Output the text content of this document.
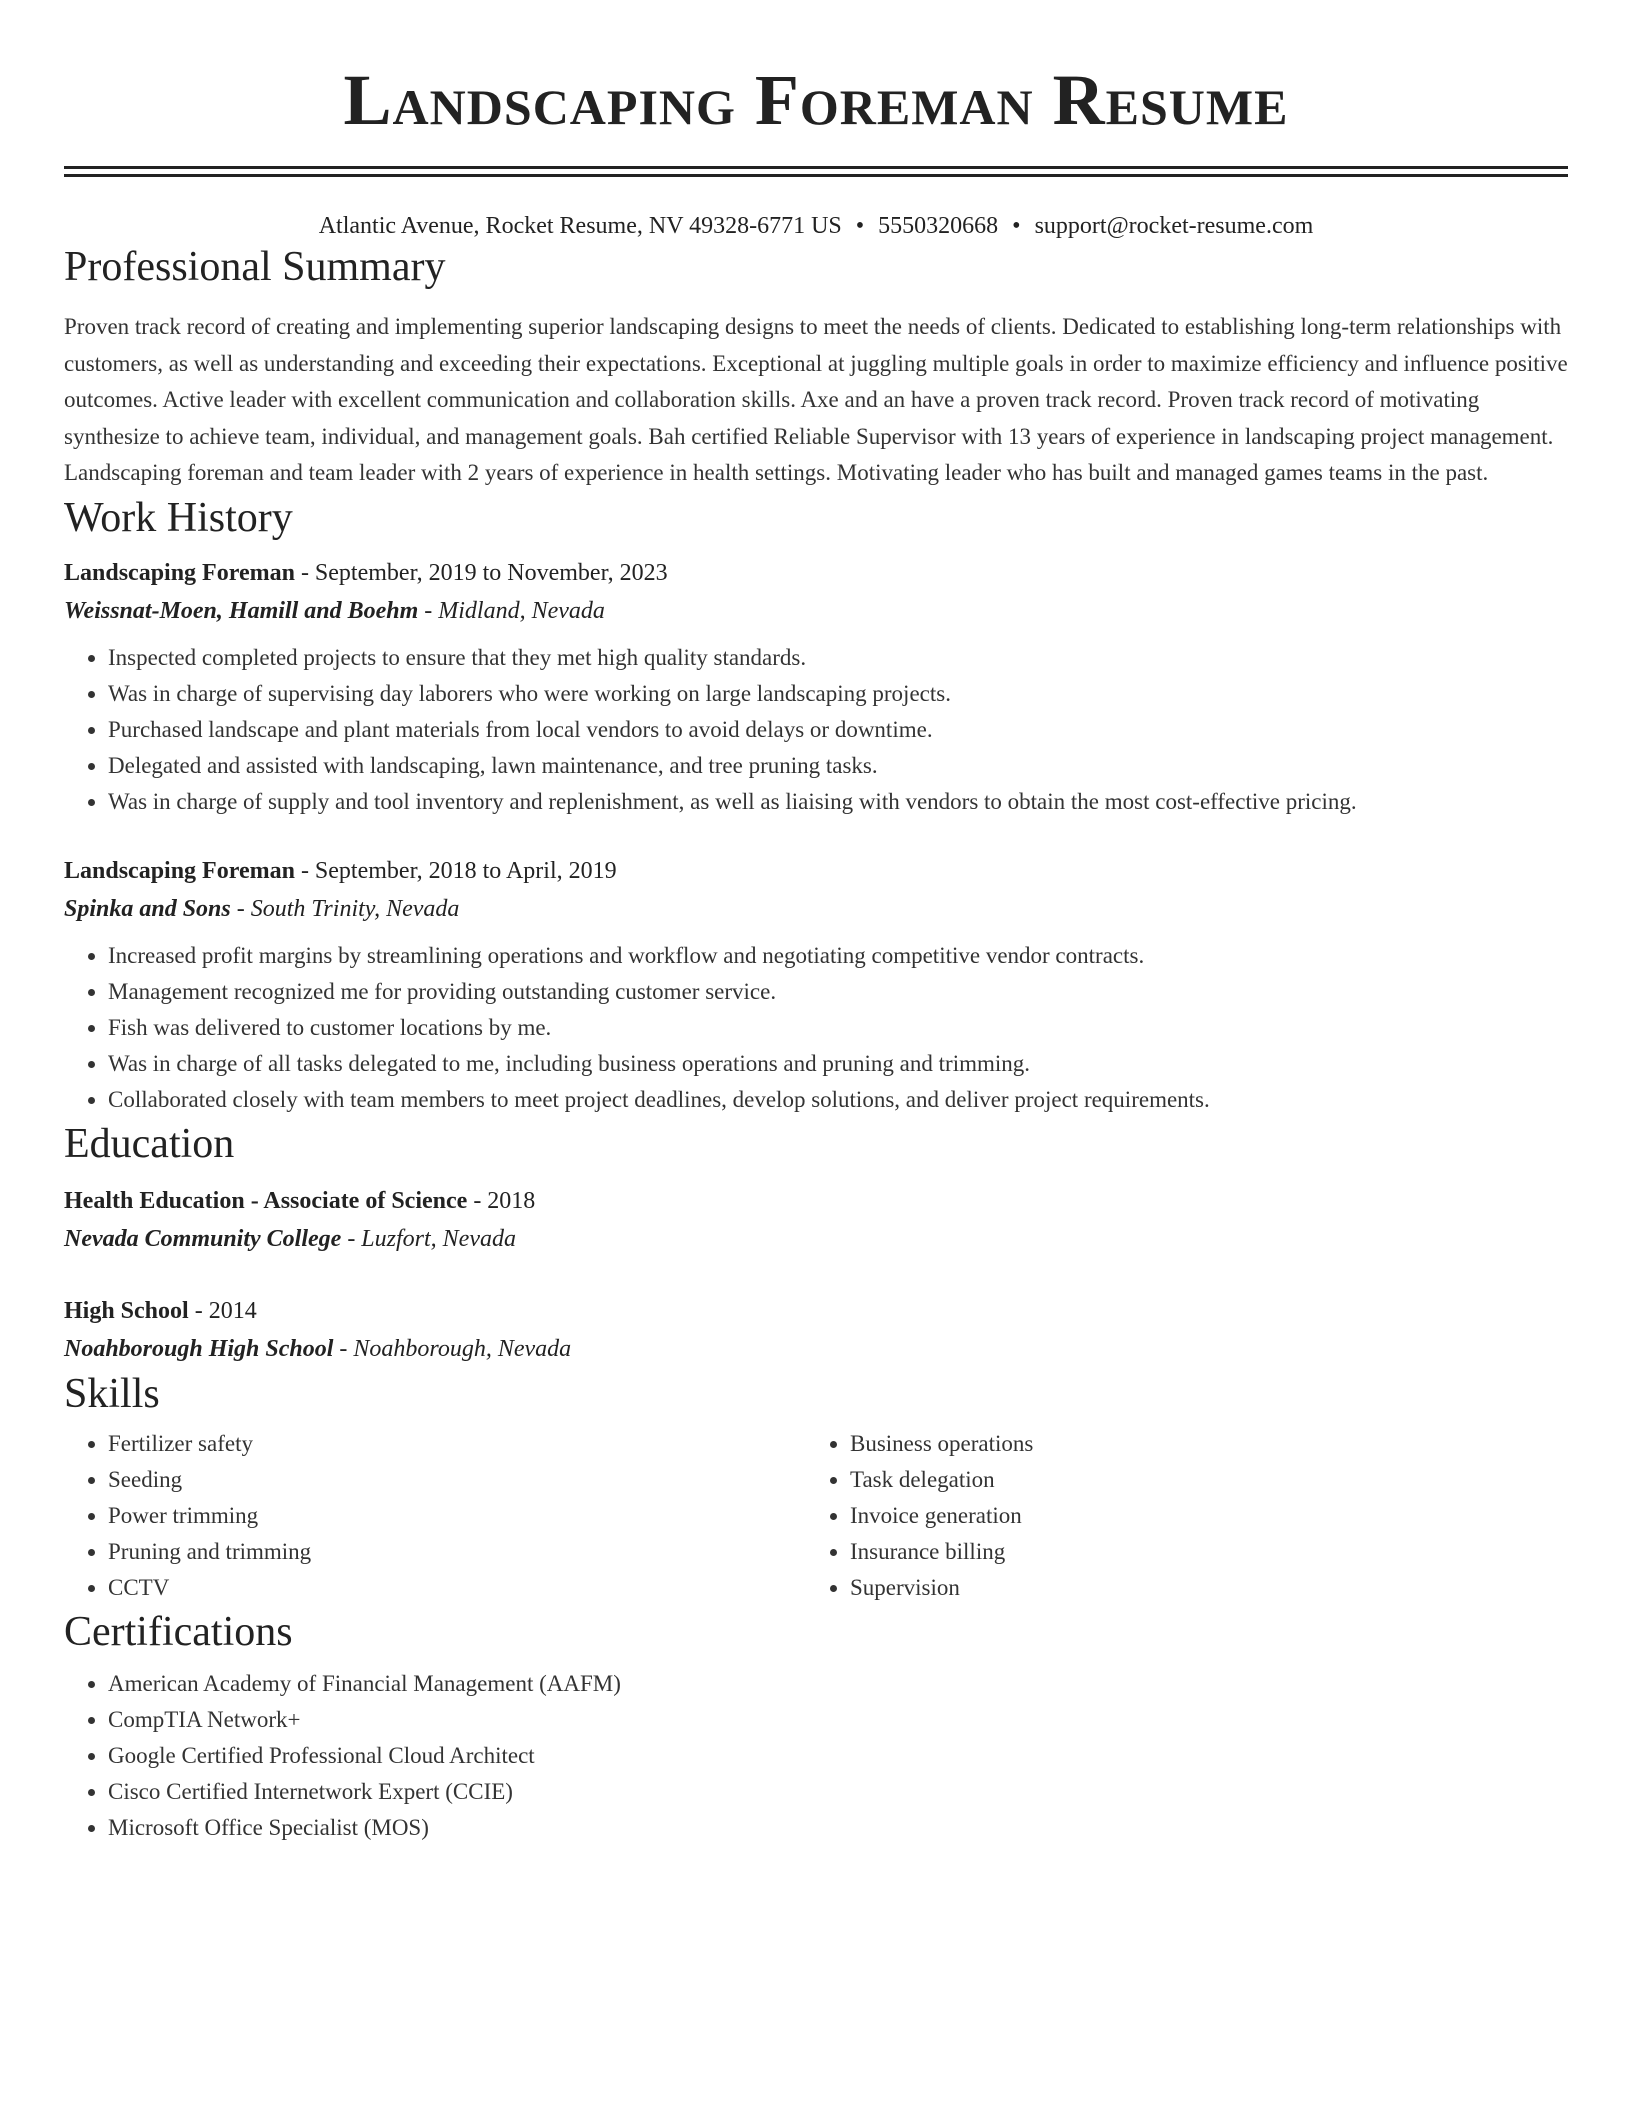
Landscaping Foreman Resume
Atlantic Avenue, Rocket Resume, NV 49328-6771 US • 5550320668 • support@rocket-resume.com
Professional Summary
Proven track record of creating and implementing superior landscaping designs to meet the needs of clients. Dedicated to establishing long-term relationships with customers, as well as understanding and exceeding their expectations. Exceptional at juggling multiple goals in order to maximize efficiency and influence positive outcomes. Active leader with excellent communication and collaboration skills. Axe and an have a proven track record. Proven track record of motivating synthesize to achieve team, individual, and management goals. Bah certified Reliable Supervisor with 13 years of experience in landscaping project management. Landscaping foreman and team leader with 2 years of experience in health settings. Motivating leader who has built and managed games teams in the past.
Work History
Landscaping Foreman - September, 2019 to November, 2023
Weissnat-Moen, Hamill and Boehm - Midland, Nevada
• Inspected completed projects to ensure that they met high quality standards.
• Was in charge of supervising day laborers who were working on large landscaping projects.
• Purchased landscape and plant materials from local vendors to avoid delays or downtime.
• Delegated and assisted with landscaping, lawn maintenance, and tree pruning tasks.
• Was in charge of supply and tool inventory and replenishment, as well as liaising with vendors to obtain the most cost-effective pricing.
Landscaping Foreman - September, 2018 to April, 2019
Spinka and Sons - South Trinity, Nevada
• Increased profit margins by streamlining operations and workflow and negotiating competitive vendor contracts.
• Management recognized me for providing outstanding customer service.
• Fish was delivered to customer locations by me.
• Was in charge of all tasks delegated to me, including business operations and pruning and trimming.
• Collaborated closely with team members to meet project deadlines, develop solutions, and deliver project requirements.
Education
Health Education - Associate of Science - 2018
Nevada Community College - Luzfort, Nevada
High School - 2014
Noahborough High School - Noahborough, Nevada
Skills
• Fertilizer safety
• Seeding
• Power trimming
• Pruning and trimming
• CCTV
• Business operations
• Task delegation
• Invoice generation
• Insurance billing
• Supervision
Certifications
• American Academy of Financial Management (AAFM)
• CompTIA Network+
• Google Certified Professional Cloud Architect
• Cisco Certified Internetwork Expert (CCIE)
• Microsoft Office Specialist (MOS)
